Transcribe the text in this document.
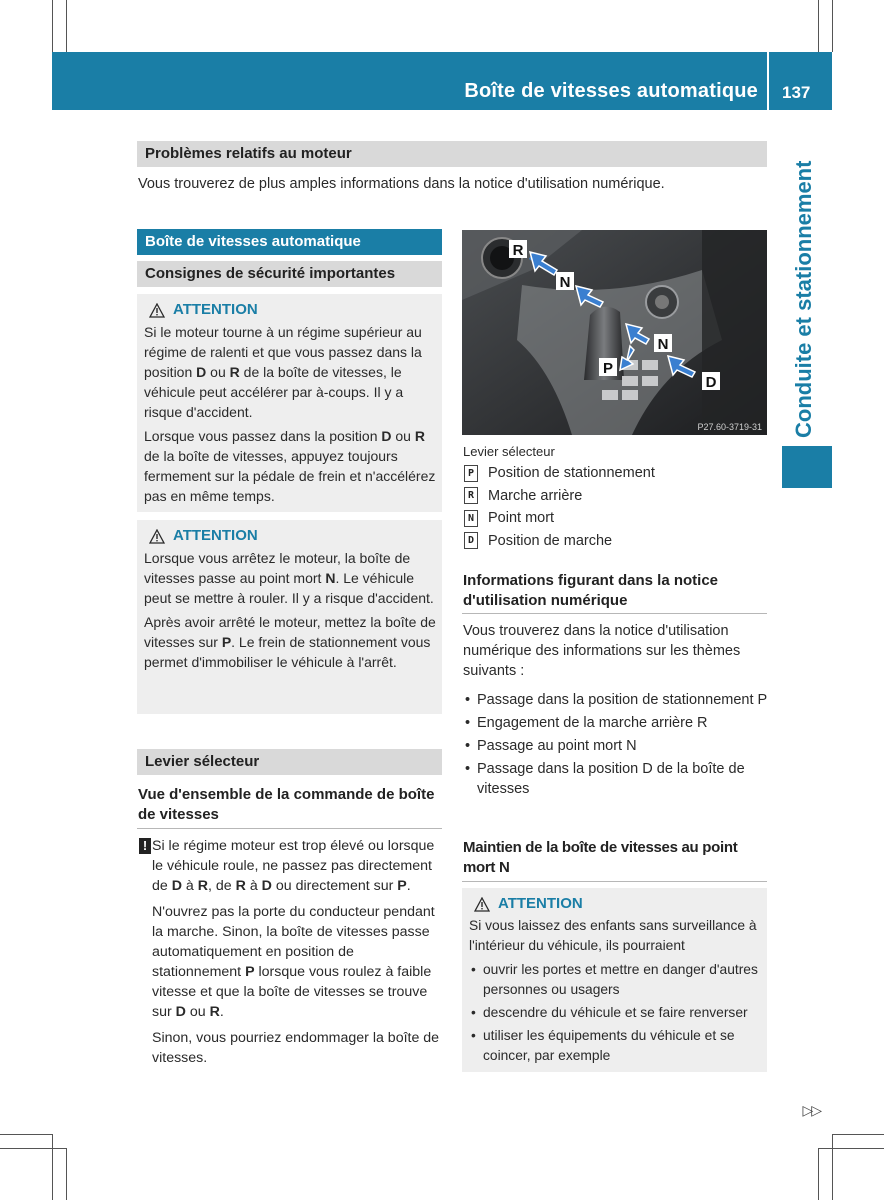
Boîte de vitesses automatique 137
Conduite et stationnement
Problèmes relatifs au moteur
Vous trouverez de plus amples informations dans la notice d'utilisation numérique.
Boîte de vitesses automatique
Consignes de sécurité importantes
ATTENTION

Si le moteur tourne à un régime supérieur au régime de ralenti et que vous passez dans la position D ou R de la boîte de vitesses, le véhicule peut accélérer par à-coups. Il y a risque d'accident.

Lorsque vous passez dans la position D ou R de la boîte de vitesses, appuyez toujours fermement sur la pédale de frein et n'accélérez pas en même temps.

ATTENTION

Lorsque vous arrêtez le moteur, la boîte de vitesses passe au point mort N. Le véhicule peut se mettre à rouler. Il y a risque d'accident.

Après avoir arrêté le moteur, mettez la boîte de vitesses sur P. Le frein de stationnement vous permet d'immobiliser le véhicule à l'arrêt.

Levier sélecteur
Vue d'ensemble de la commande de boîte de vitesses
! Si le régime moteur est trop élevé ou lorsque le véhicule roule, ne passez pas directement de D à R, de R à D ou directement sur P.

N'ouvrez pas la porte du conducteur pendant la marche. Sinon, la boîte de vitesses passe automatiquement en position de stationnement P lorsque vous roulez à faible vitesse et que la boîte de vitesses se trouve sur D ou R.

Sinon, vous pourriez endommager la boîte de vitesses.

R
N
N
P
D
P27.60-3719-31
Levier sélecteur
P Position de stationnement
R Marche arrière
N Point mort
D Position de marche
Informations figurant dans la notice d'utilisation numérique
Vous trouverez dans la notice d'utilisation numérique des informations sur les thèmes suivants :
• Passage dans la position de stationnement P
• Engagement de la marche arrière R
• Passage au point mort N
• Passage dans la position D de la boîte de vitesses
Maintien de la boîte de vitesses au point mort N
ATTENTION

Si vous laissez des enfants sans surveillance à l'intérieur du véhicule, ils pourraient

• ouvrir les portes et mettre en danger d'autres personnes ou usagers
• descendre du véhicule et se faire renverser
• utiliser les équipements du véhicule et se coincer, par exemple
▷▷
